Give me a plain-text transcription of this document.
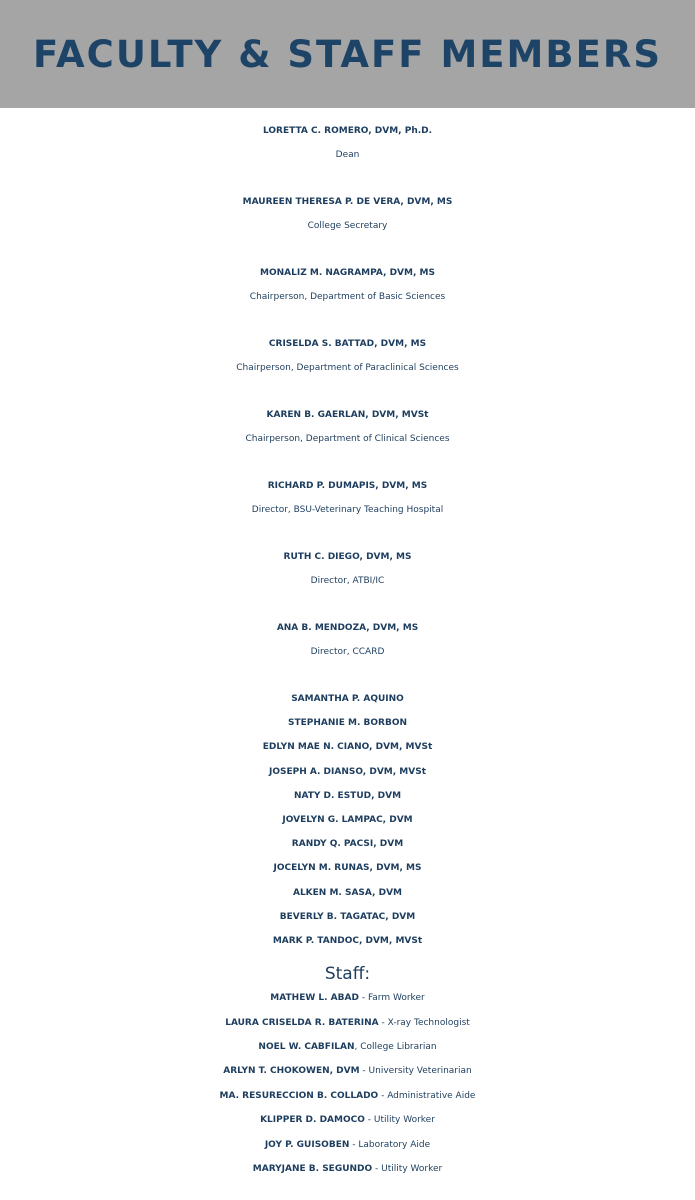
FACULTY & STAFF MEMBERS
LORETTA C. ROMERO, DVM, Ph.D.
Dean
MAUREEN THERESA P. DE VERA, DVM, MS
College Secretary
MONALIZ M. NAGRAMPA, DVM, MS
Chairperson, Department of Basic Sciences
CRISELDA S. BATTAD, DVM, MS
Chairperson, Department of Paraclinical Sciences
KAREN B. GAERLAN, DVM, MVSt
Chairperson, Department of Clinical Sciences
RICHARD P. DUMAPIS, DVM, MS
Director, BSU-Veterinary Teaching Hospital
RUTH C. DIEGO, DVM, MS
Director, ATBI/IC
ANA B. MENDOZA, DVM, MS
Director, CCARD
SAMANTHA P. AQUINO
STEPHANIE M. BORBON
EDLYN MAE N. CIANO, DVM, MVSt
JOSEPH A. DIANSO, DVM, MVSt
NATY D. ESTUD, DVM
JOVELYN G. LAMPAC, DVM
RANDY Q. PACSI, DVM
JOCELYN M. RUNAS, DVM, MS
ALKEN M. SASA, DVM
BEVERLY B. TAGATAC, DVM
MARK P. TANDOC, DVM, MVSt
Staff:
MATHEW L. ABAD - Farm Worker
LAURA CRISELDA R. BATERINA - X-ray Technologist
NOEL W. CABFILAN, College Librarian
ARLYN T. CHOKOWEN, DVM - University Veterinarian
MA. RESURECCION B. COLLADO - Administrative Aide
KLIPPER D. DAMOCO - Utility Worker
JOY P. GUISOBEN - Laboratory Aide
MARYJANE B. SEGUNDO - Utility Worker
